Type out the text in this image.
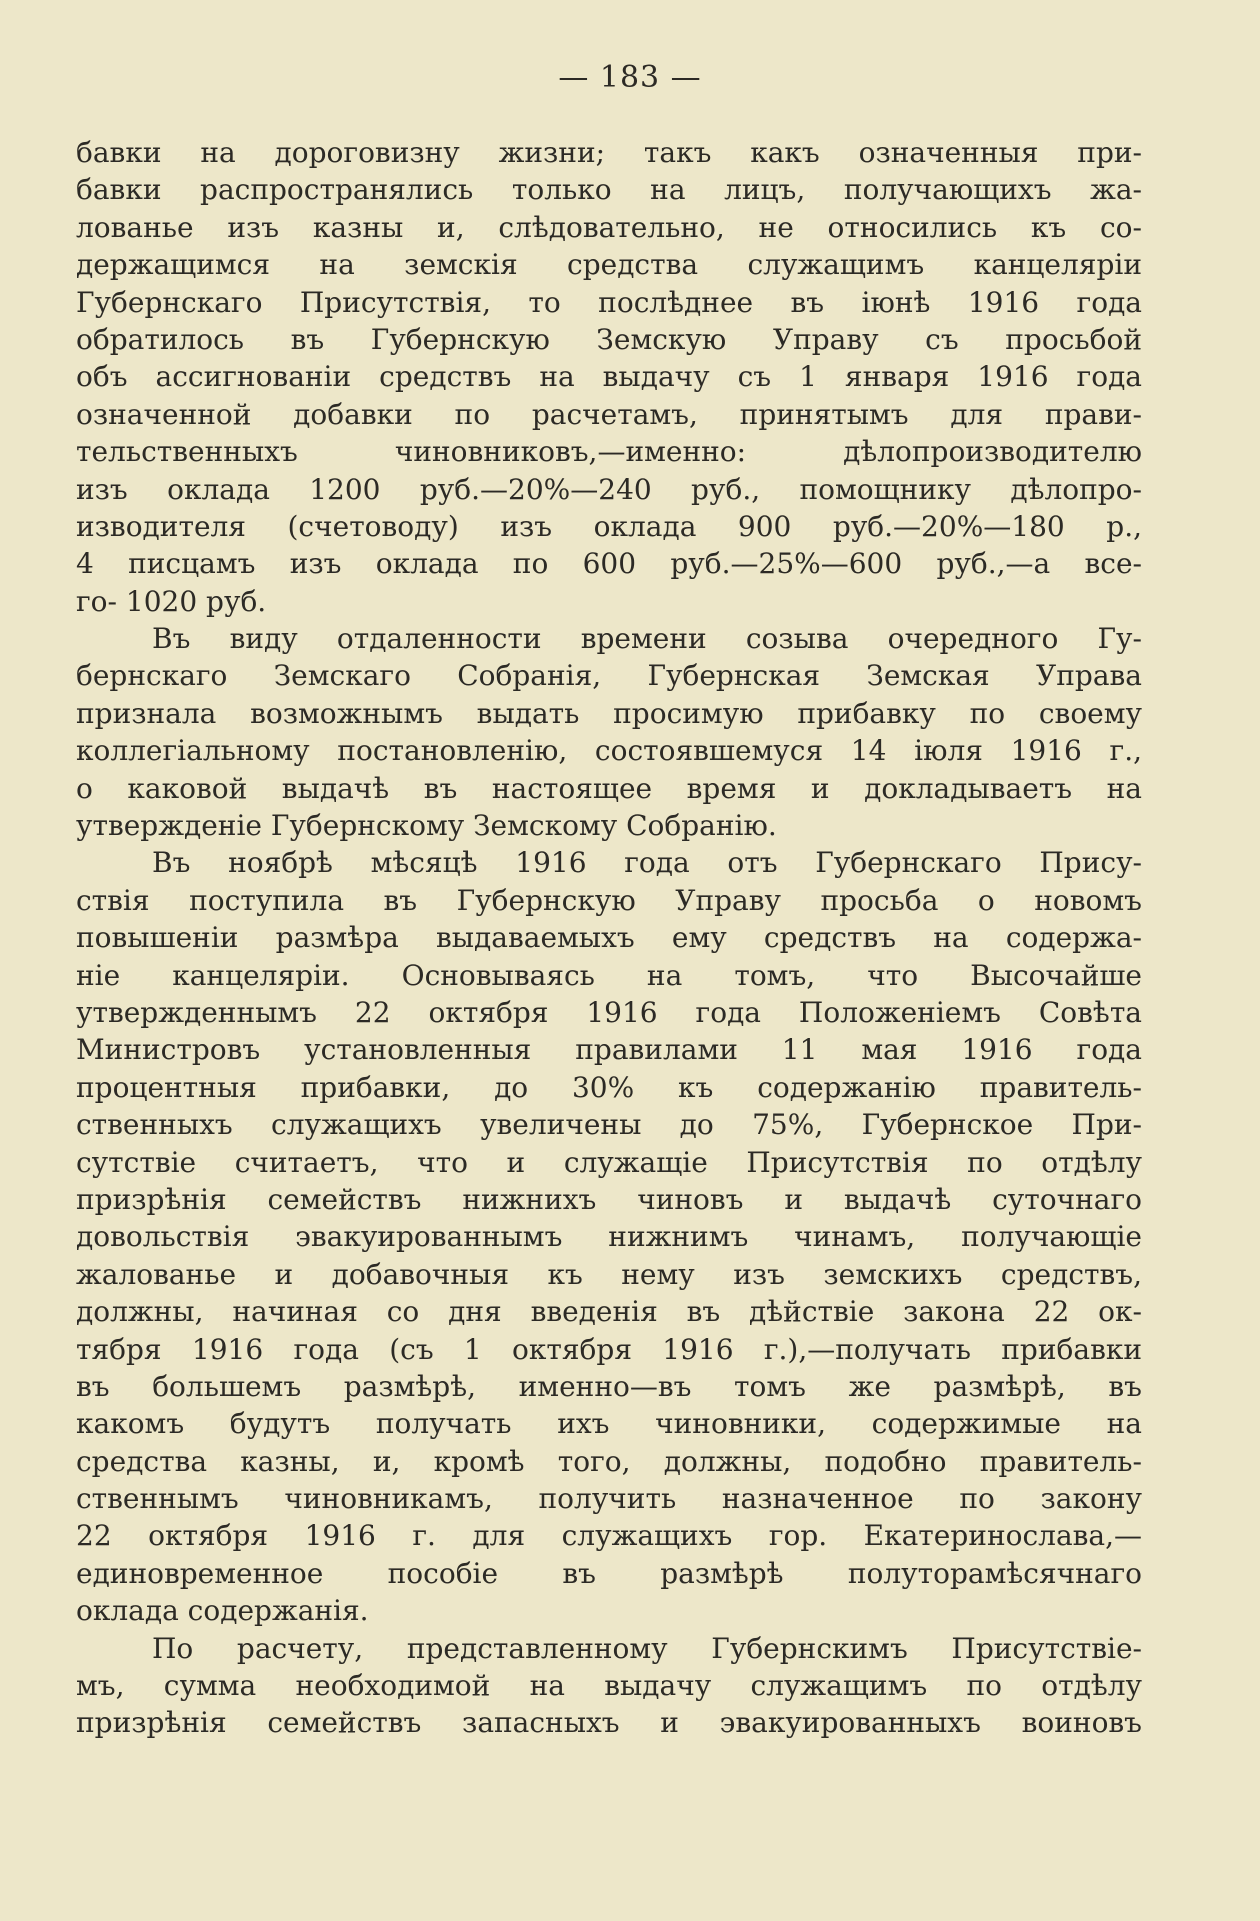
— 183 —
бавки на дороговизну жизни; такъ какъ означенныя при-
бавки распространялись только на лицъ, получающихъ жа-
лованье изъ казны и, слѣдовательно, не относились къ со-
держащимся на земскія средства служащимъ канцеляріи
Губернскаго Присутствія, то послѣднее въ іюнѣ 1916 года
обратилось въ Губернскую Земскую Управу съ просьбой
объ ассигнованіи средствъ на выдачу съ 1 января 1916 года
означенной добавки по расчетамъ, принятымъ для прави-
тельственныхъ чиновниковъ,—именно: дѣлопроизводителю
изъ оклада 1200 руб.—20%—240 руб., помощнику дѣлопро-
изводителя (счетоводу) изъ оклада 900 руб.—20%—180 р.,
4 писцамъ изъ оклада по 600 руб.—25%—600 руб.,—а все-
го- 1020 руб.
Въ виду отдаленности времени созыва очередного Гу-
бернскаго Земскаго Собранія, Губернская Земская Управа
признала возможнымъ выдать просимую прибавку по своему
коллегіальному постановленію, состоявшемуся 14 іюля 1916 г.,
о каковой выдачѣ въ настоящее время и докладываетъ на
утвержденіе Губернскому Земскому Собранію.
Въ ноябрѣ мѣсяцѣ 1916 года отъ Губернскаго Прису-
ствія поступила въ Губернскую Управу просьба о новомъ
повышеніи размѣра выдаваемыхъ ему средствъ на содержа-
ніе канцеляріи. Основываясь на томъ, что Высочайше
утвержденнымъ 22 октября 1916 года Положеніемъ Совѣта
Министровъ установленныя правилами 11 мая 1916 года
процентныя прибавки, до 30% къ содержанію правитель-
ственныхъ служащихъ увеличены до 75%, Губернское При-
сутствіе считаетъ, что и служащіе Присутствія по отдѣлу
призрѣнія семействъ нижнихъ чиновъ и выдачѣ суточнаго
довольствія эвакуированнымъ нижнимъ чинамъ, получающіе
жалованье и добавочныя къ нему изъ земскихъ средствъ,
должны, начиная со дня введенія въ дѣйствіе закона 22 ок-
тября 1916 года (съ 1 октября 1916 г.),—получать прибавки
въ большемъ размѣрѣ, именно—въ томъ же размѣрѣ, въ
какомъ будутъ получать ихъ чиновники, содержимые на
средства казны, и, кромѣ того, должны, подобно правитель-
ственнымъ чиновникамъ, получить назначенное по закону
22 октября 1916 г. для служащихъ гор. Екатеринослава,—
единовременное пособіе въ размѣрѣ полуторамѣсячнаго
оклада содержанія.
По расчету, представленному Губернскимъ Присутствіе-
мъ, сумма необходимой на выдачу служащимъ по отдѣлу
призрѣнія семействъ запасныхъ и эвакуированныхъ воиновъ
